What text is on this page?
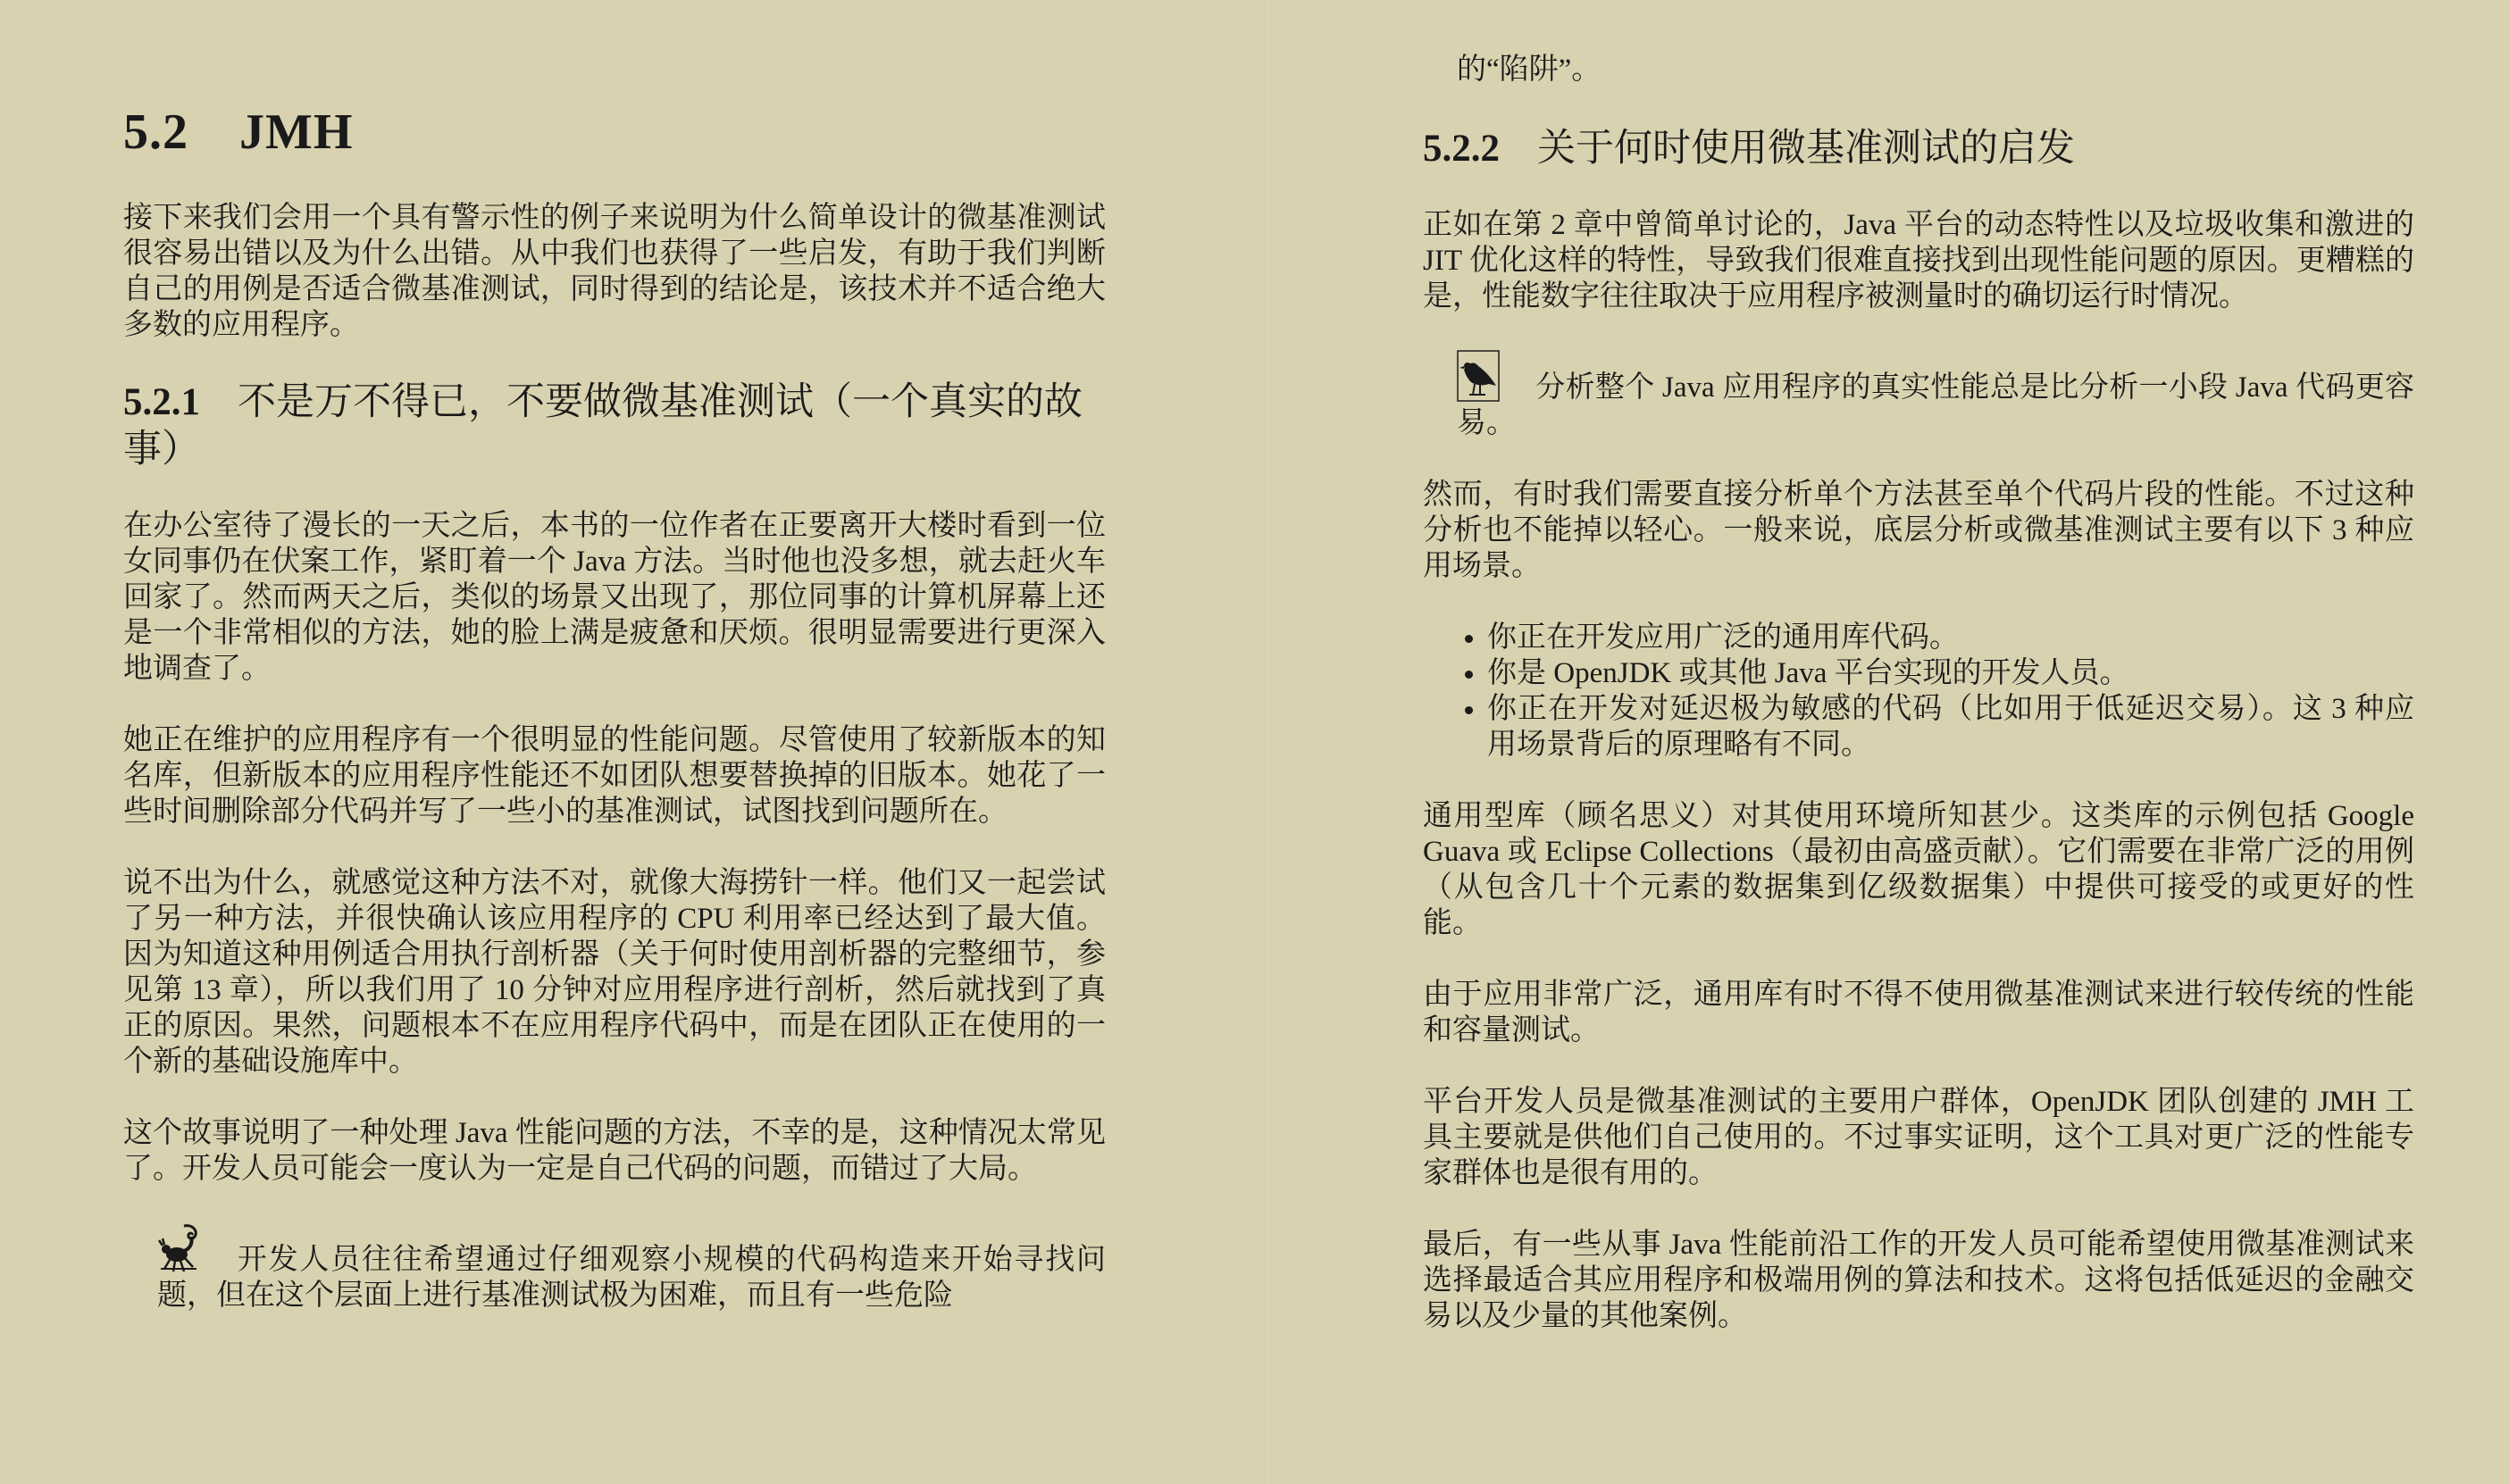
5.2 JMH

接下来我们会用一个具有警示性的例子来说明为什么简单设计的微基准测试很容易出错以及为什么出错。从中我们也获得了一些启发，有助于我们判断自己的用例是否适合微基准测试，同时得到的结论是，该技术并不适合绝大多数的应用程序。

5.2.1 不是万不得已，不要做微基准测试（一个真实的故事）

在办公室待了漫长的一天之后，本书的一位作者在正要离开大楼时看到一位女同事仍在伏案工作，紧盯着一个 Java 方法。当时他也没多想，就去赶火车回家了。然而两天之后，类似的场景又出现了，那位同事的计算机屏幕上还是一个非常相似的方法，她的脸上满是疲惫和厌烦。很明显需要进行更深入地调查了。

她正在维护的应用程序有一个很明显的性能问题。尽管使用了较新版本的知名库，但新版本的应用程序性能还不如团队想要替换掉的旧版本。她花了一些时间删除部分代码并写了一些小的基准测试，试图找到问题所在。

说不出为什么，就感觉这种方法不对，就像大海捞针一样。他们又一起尝试了另一种方法，并很快确认该应用程序的 CPU 利用率已经达到了最大值。因为知道这种用例适合用执行剖析器（关于何时使用剖析器的完整细节，参见第 13 章），所以我们用了 10 分钟对应用程序进行剖析，然后就找到了真正的原因。果然，问题根本不在应用程序代码中，而是在团队正在使用的一个新的基础设施库中。

这个故事说明了一种处理 Java 性能问题的方法，不幸的是，这种情况太常见了。开发人员可能会一度认为一定是自己代码的问题，而错过了大局。

开发人员往往希望通过仔细观察小规模的代码构造来开始寻找问题，但在这个层面上进行基准测试极为困难，而且有一些危险
的“陷阱”。
5.2.2 关于何时使用微基准测试的启发

正如在第 2 章中曾简单讨论的，Java 平台的动态特性以及垃圾收集和激进的 JIT 优化这样的特性，导致我们很难直接找到出现性能问题的原因。更糟糕的是，性能数字往往取决于应用程序被测量时的确切运行时情况。

分析整个 Java 应用程序的真实性能总是比分析一小段 Java 代码更容易。

然而，有时我们需要直接分析单个方法甚至单个代码片段的性能。不过这种分析也不能掉以轻心。一般来说，底层分析或微基准测试主要有以下 3 种应用场景。

• 你正在开发应用广泛的通用库代码。
• 你是 OpenJDK 或其他 Java 平台实现的开发人员。
• 你正在开发对延迟极为敏感的代码（比如用于低延迟交易）。这 3 种应用场景背后的原理略有不同。

通用型库（顾名思义）对其使用环境所知甚少。这类库的示例包括 Google Guava 或 Eclipse Collections（最初由高盛贡献）。它们需要在非常广泛的用例（从包含几十个元素的数据集到亿级数据集）中提供可接受的或更好的性能。

由于应用非常广泛，通用库有时不得不使用微基准测试来进行较传统的性能和容量测试。

平台开发人员是微基准测试的主要用户群体，OpenJDK 团队创建的 JMH 工具主要就是供他们自己使用的。不过事实证明，这个工具对更广泛的性能专家群体也是很有用的。

最后，有一些从事 Java 性能前沿工作的开发人员可能希望使用微基准测试来选择最适合其应用程序和极端用例的算法和技术。这将包括低延迟的金融交易以及少量的其他案例。
